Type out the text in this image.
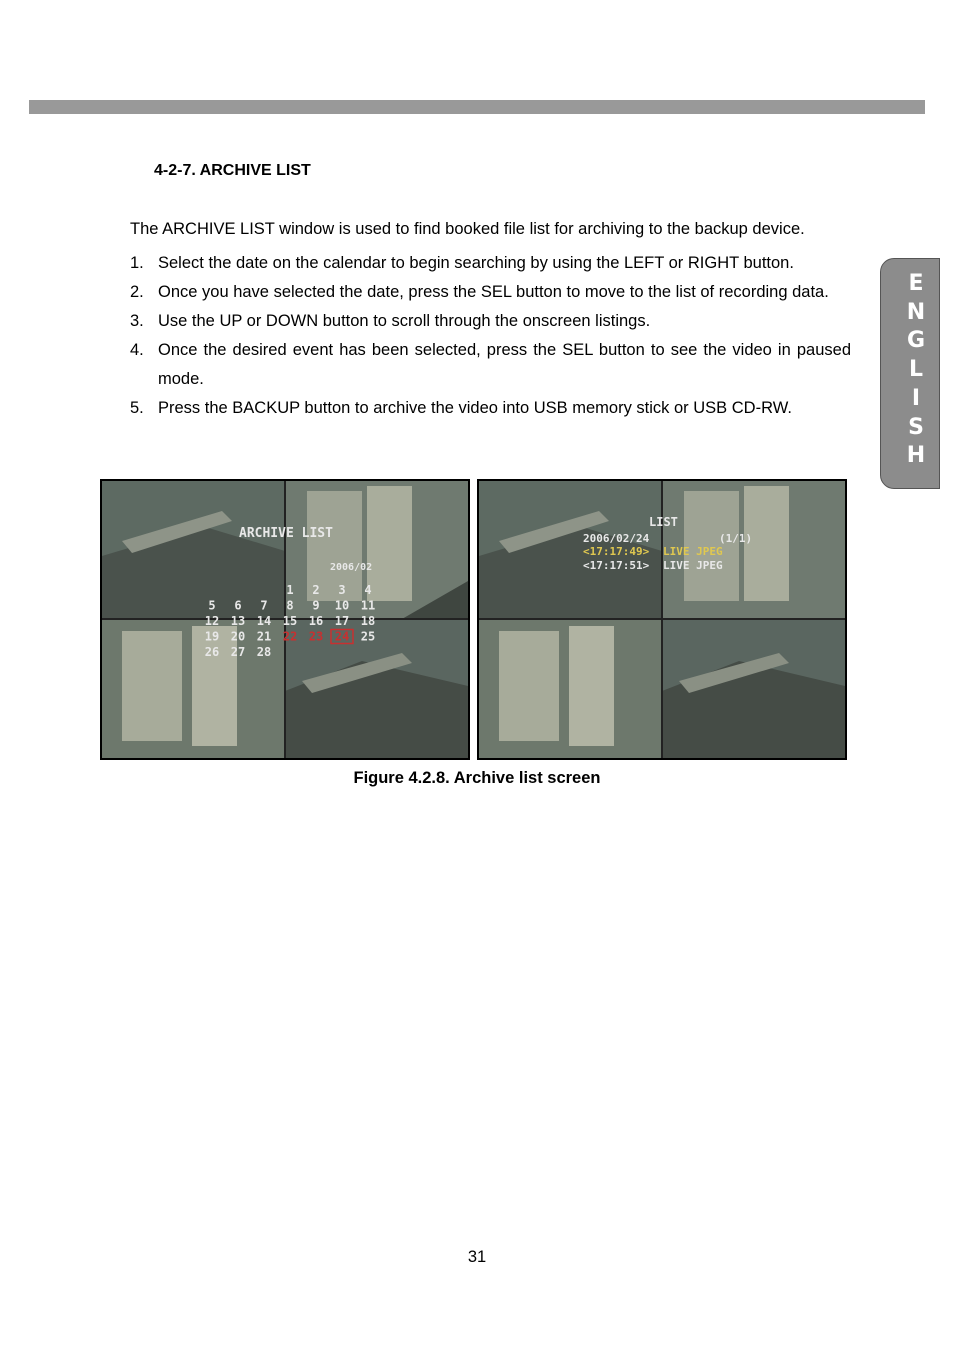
E
N
G
L
I
S
H
4-2-7. ARCHIVE LIST
The ARCHIVE LIST window is used to find booked file list for archiving to the backup device.
1. Select the date on the calendar to begin searching by using the LEFT or RIGHT button.
2. Once you have selected the date, press the SEL button to move to the list of recording data.
3. Use the UP or DOWN button to scroll through the onscreen listings.
4. Once the desired event has been selected, press the SEL button to see the video in paused mode.
5. Press the BACKUP button to archive the video into USB memory stick or USB CD-RW.
ARCHIVE LIST
2006/02
1 2 3 4
5 6 7 8 9 10 11
12 13 14 15 16 17 18
19 20 21 22 23 24 25
26 27 28
LIST
2006/02/24	(1/1)
<17:17:49> LIVE JPEG
<17:17:51> LIVE JPEG
Figure 4.2.8. Archive list screen
31
